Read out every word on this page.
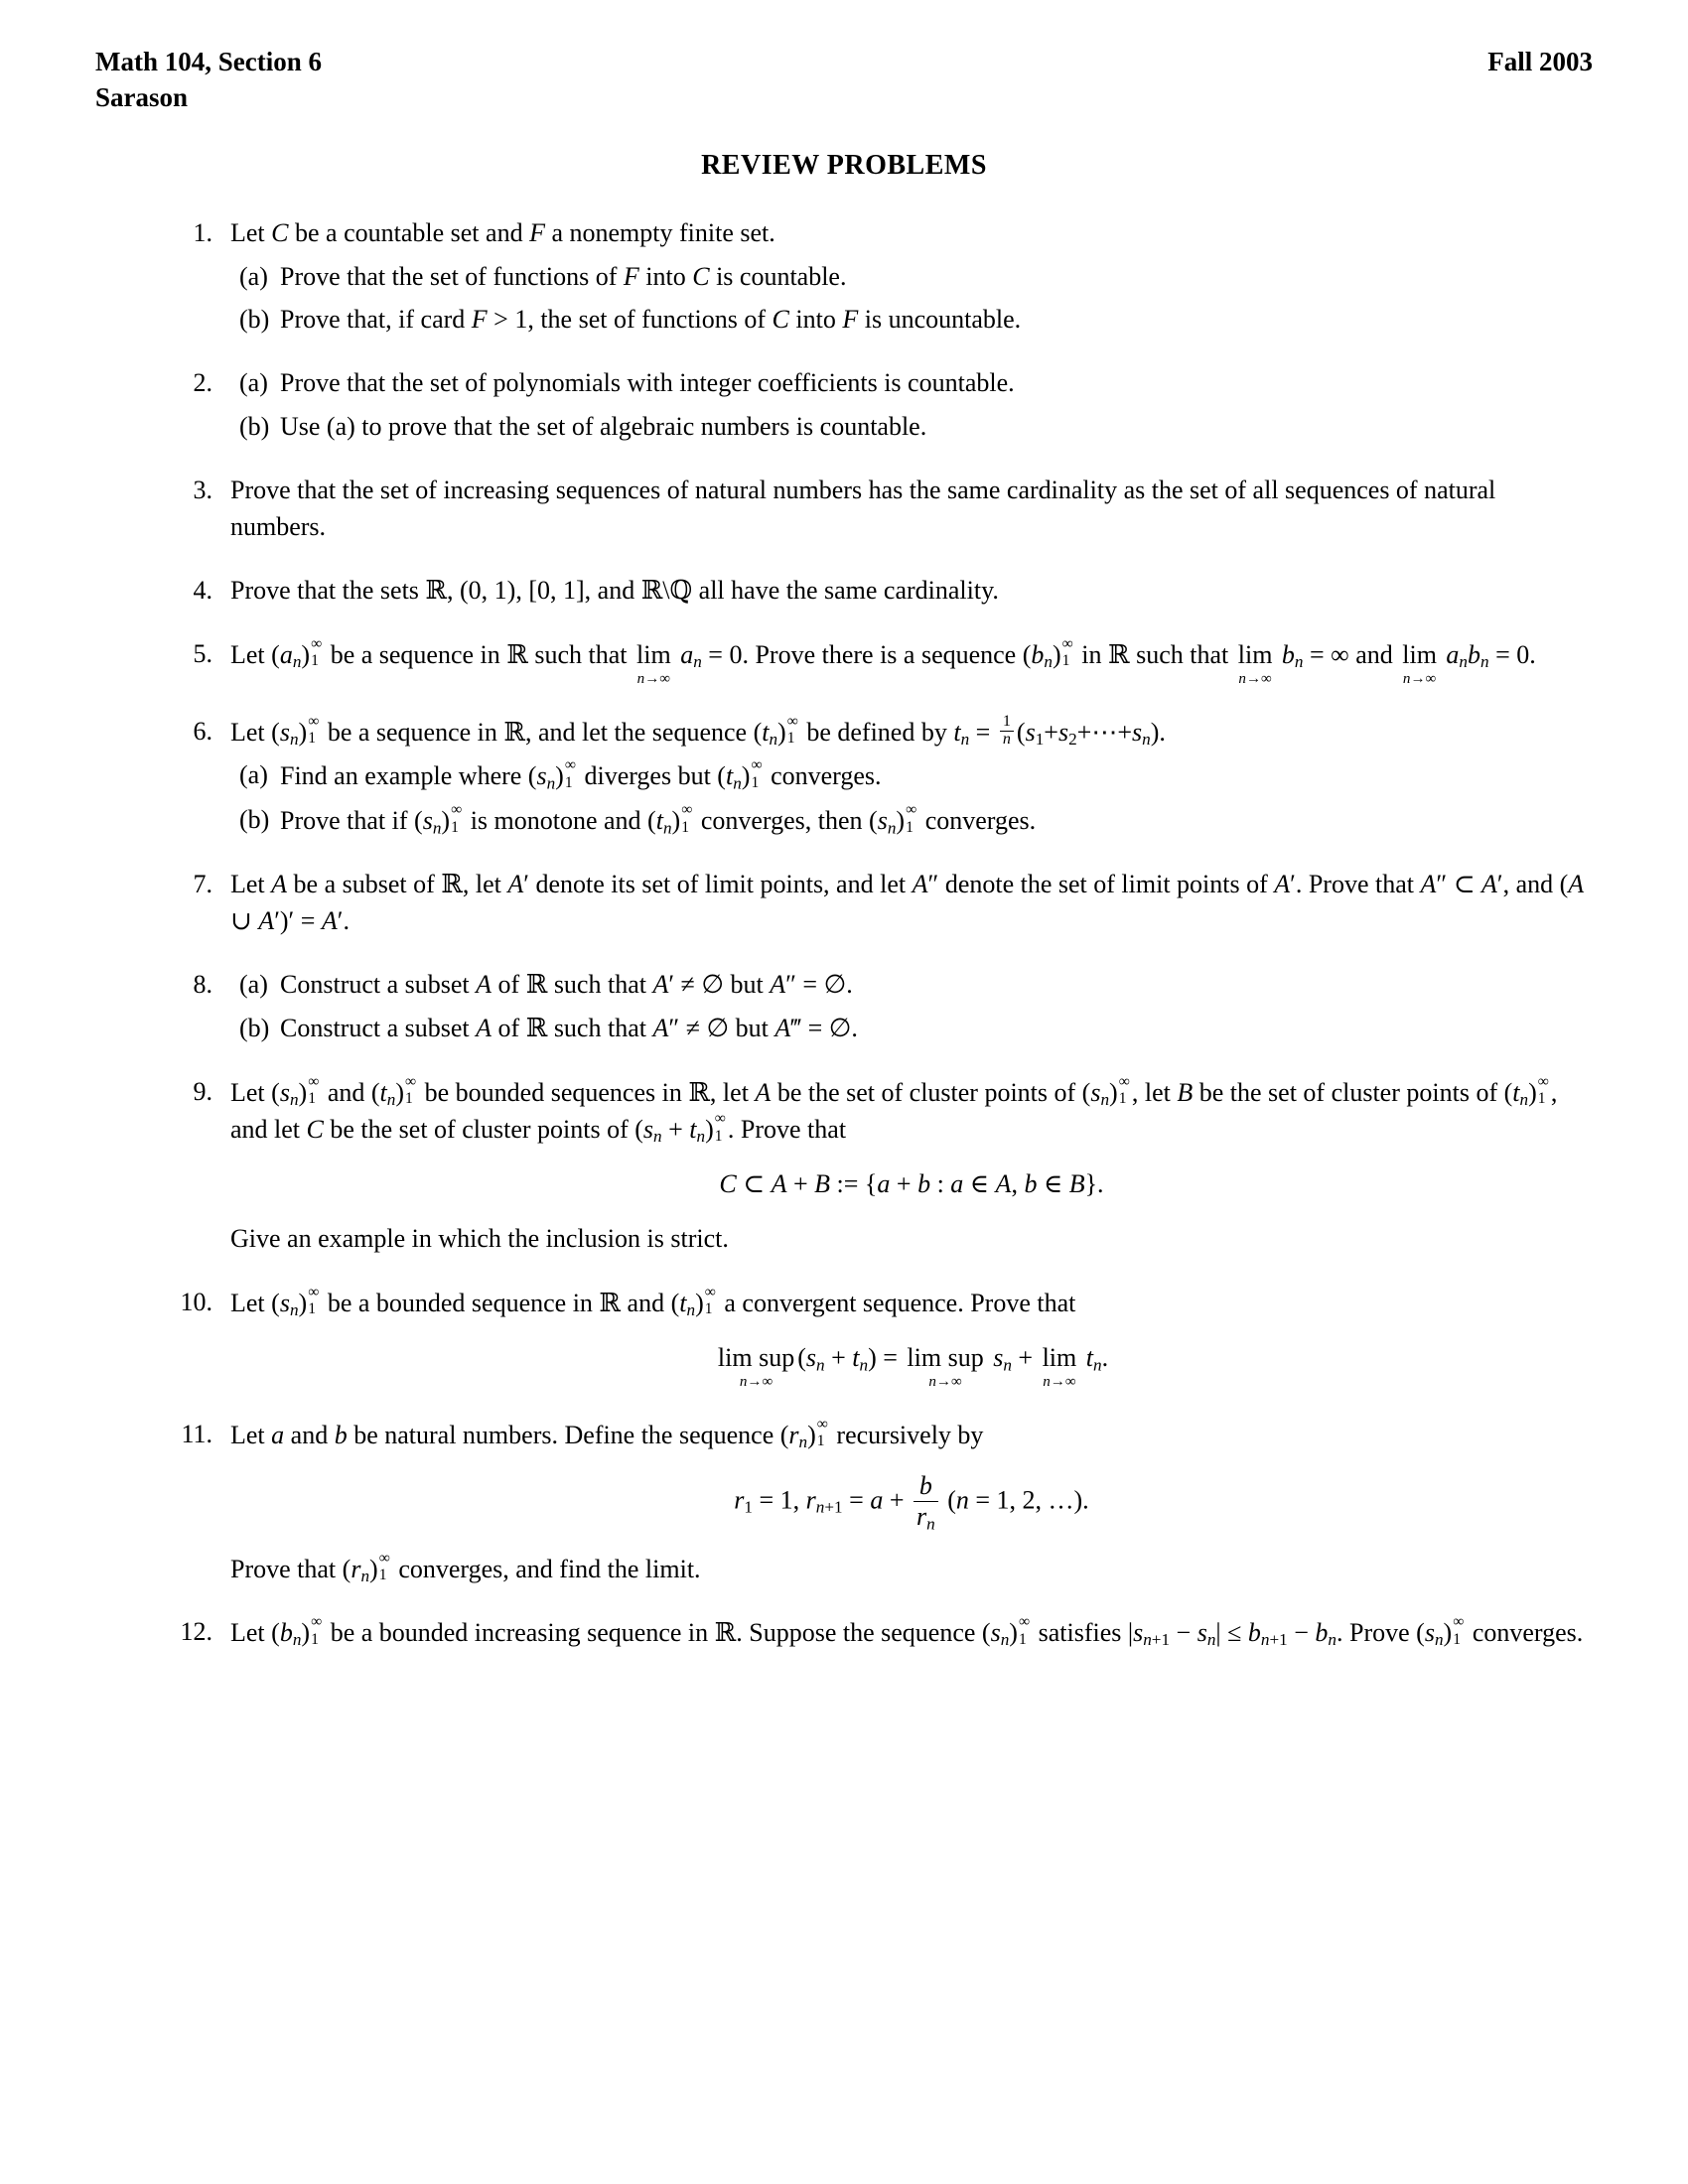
Math 104, Section 6
Sarason
Fall 2003
REVIEW PROBLEMS
1. Let C be a countable set and F a nonempty finite set.
(a) Prove that the set of functions of F into C is countable.
(b) Prove that, if card F > 1, the set of functions of C into F is uncountable.
2. (a) Prove that the set of polynomials with integer coefficients is countable.
(b) Use (a) to prove that the set of algebraic numbers is countable.
3. Prove that the set of increasing sequences of natural numbers has the same cardinality as the set of all sequences of natural numbers.
4. Prove that the sets ℝ, (0, 1), [0, 1], and ℝ\ℚ all have the same cardinality.
5. Let $(a_n)$ ∞
1 be a sequence in ℝ such that lim
n→∞
$a_n = 0$. Prove there is a sequence $(b_n)$ ∞
1 in ℝ such that lim
n→∞
$b_n$ = ∞ and lim
n→∞
$a_nb_n = 0$.
6. Let $(s_n)$ ∞
1 be a sequence in ℝ, and let the sequence $(t_n)$ ∞
1 be defined by $t_n = \frac{1}{n}$ $(s_1+s_2+\cdots+s_n)$.
(a) Find an example where $(s_n)$ ∞
1 diverges but $(t_n)$ ∞
1 converges.
(b) Prove that if $(s_n)$ ∞
1 is monotone and $(t_n)$ ∞
1 converges, then $(s_n)$ ∞
1 converges.
7. Let A be a subset of ℝ, let A′ denote its set of limit points, and let A″ denote the set of limit points of A′. Prove that A″ ⊂ A′, and (A ∪ A′)′ = A′.
8. (a) Construct a subset A of ℝ such that A′ ≠ ∅ but A″ = ∅.
(b) Construct a subset A of ℝ such that A″ ≠ ∅ but A‴ = ∅.
9. Let $(s_n)$ ∞
1 and $(t_n)$ ∞
1 be bounded sequences in ℝ, let A be the set of cluster points of $(s_n)$ ∞
1 , let B be the set of cluster points of $(t_n)$ ∞
1 , and let C be the set of cluster points of $(s_n + t_n)$ ∞
1 . Prove that
C ⊂ A + B := {a + b : a ∈ A, b ∈ B}.
Give an example in which the inclusion is strict.
10. Let $(s_n)$ ∞
1 be a bounded sequence in ℝ and $(t_n)$ ∞
1 a convergent sequence. Prove that
lim sup
n→∞
$(s_n + t_n) = \lim$ sup
n→∞
$s_n + \lim$
n→∞
$t_n$.
11. Let a and b be natural numbers. Define the sequence $(r_n)$ ∞
1 recursively by
$r_1 = 1$, $r_{n+1} = a + \frac{b}{r_n} (n = 1$, 2, …).
Prove that $(r_n)$ ∞
1 converges, and find the limit.
12. Let $(b_n)$ ∞
1 be a bounded increasing sequence in ℝ. Suppose the sequence $(s_n)$ ∞
1 satisfies $|s_{n+1} - s_n| \le b_{n+1} - b_n$. Prove $(s_n)$ ∞
1 converges.
